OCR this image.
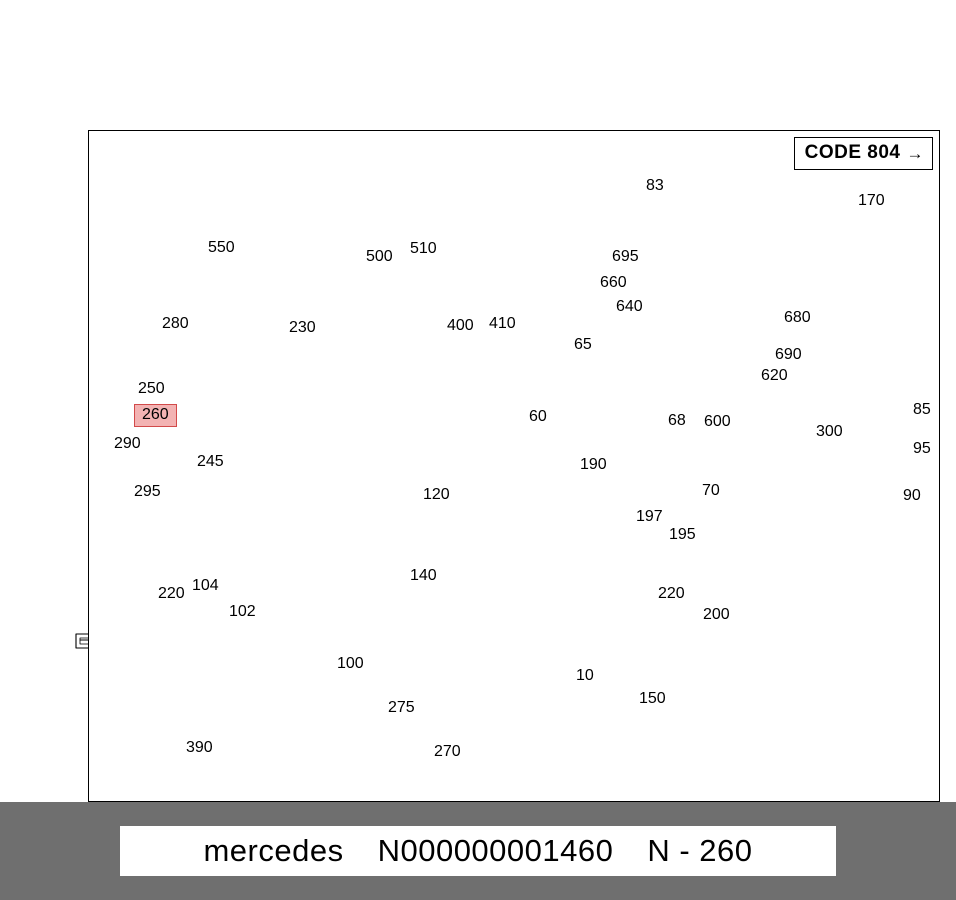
CODE 804 →
550
500 510
280	230
250
260
290
245
295
400 410
65
60	68
190
70
83
170
695
660
640
680
690
620
600
300
85
95
90
120
140
197
195
220
200
220 104
102
100
275
270
10
150
390
mercedes N000000001460 N - 260
